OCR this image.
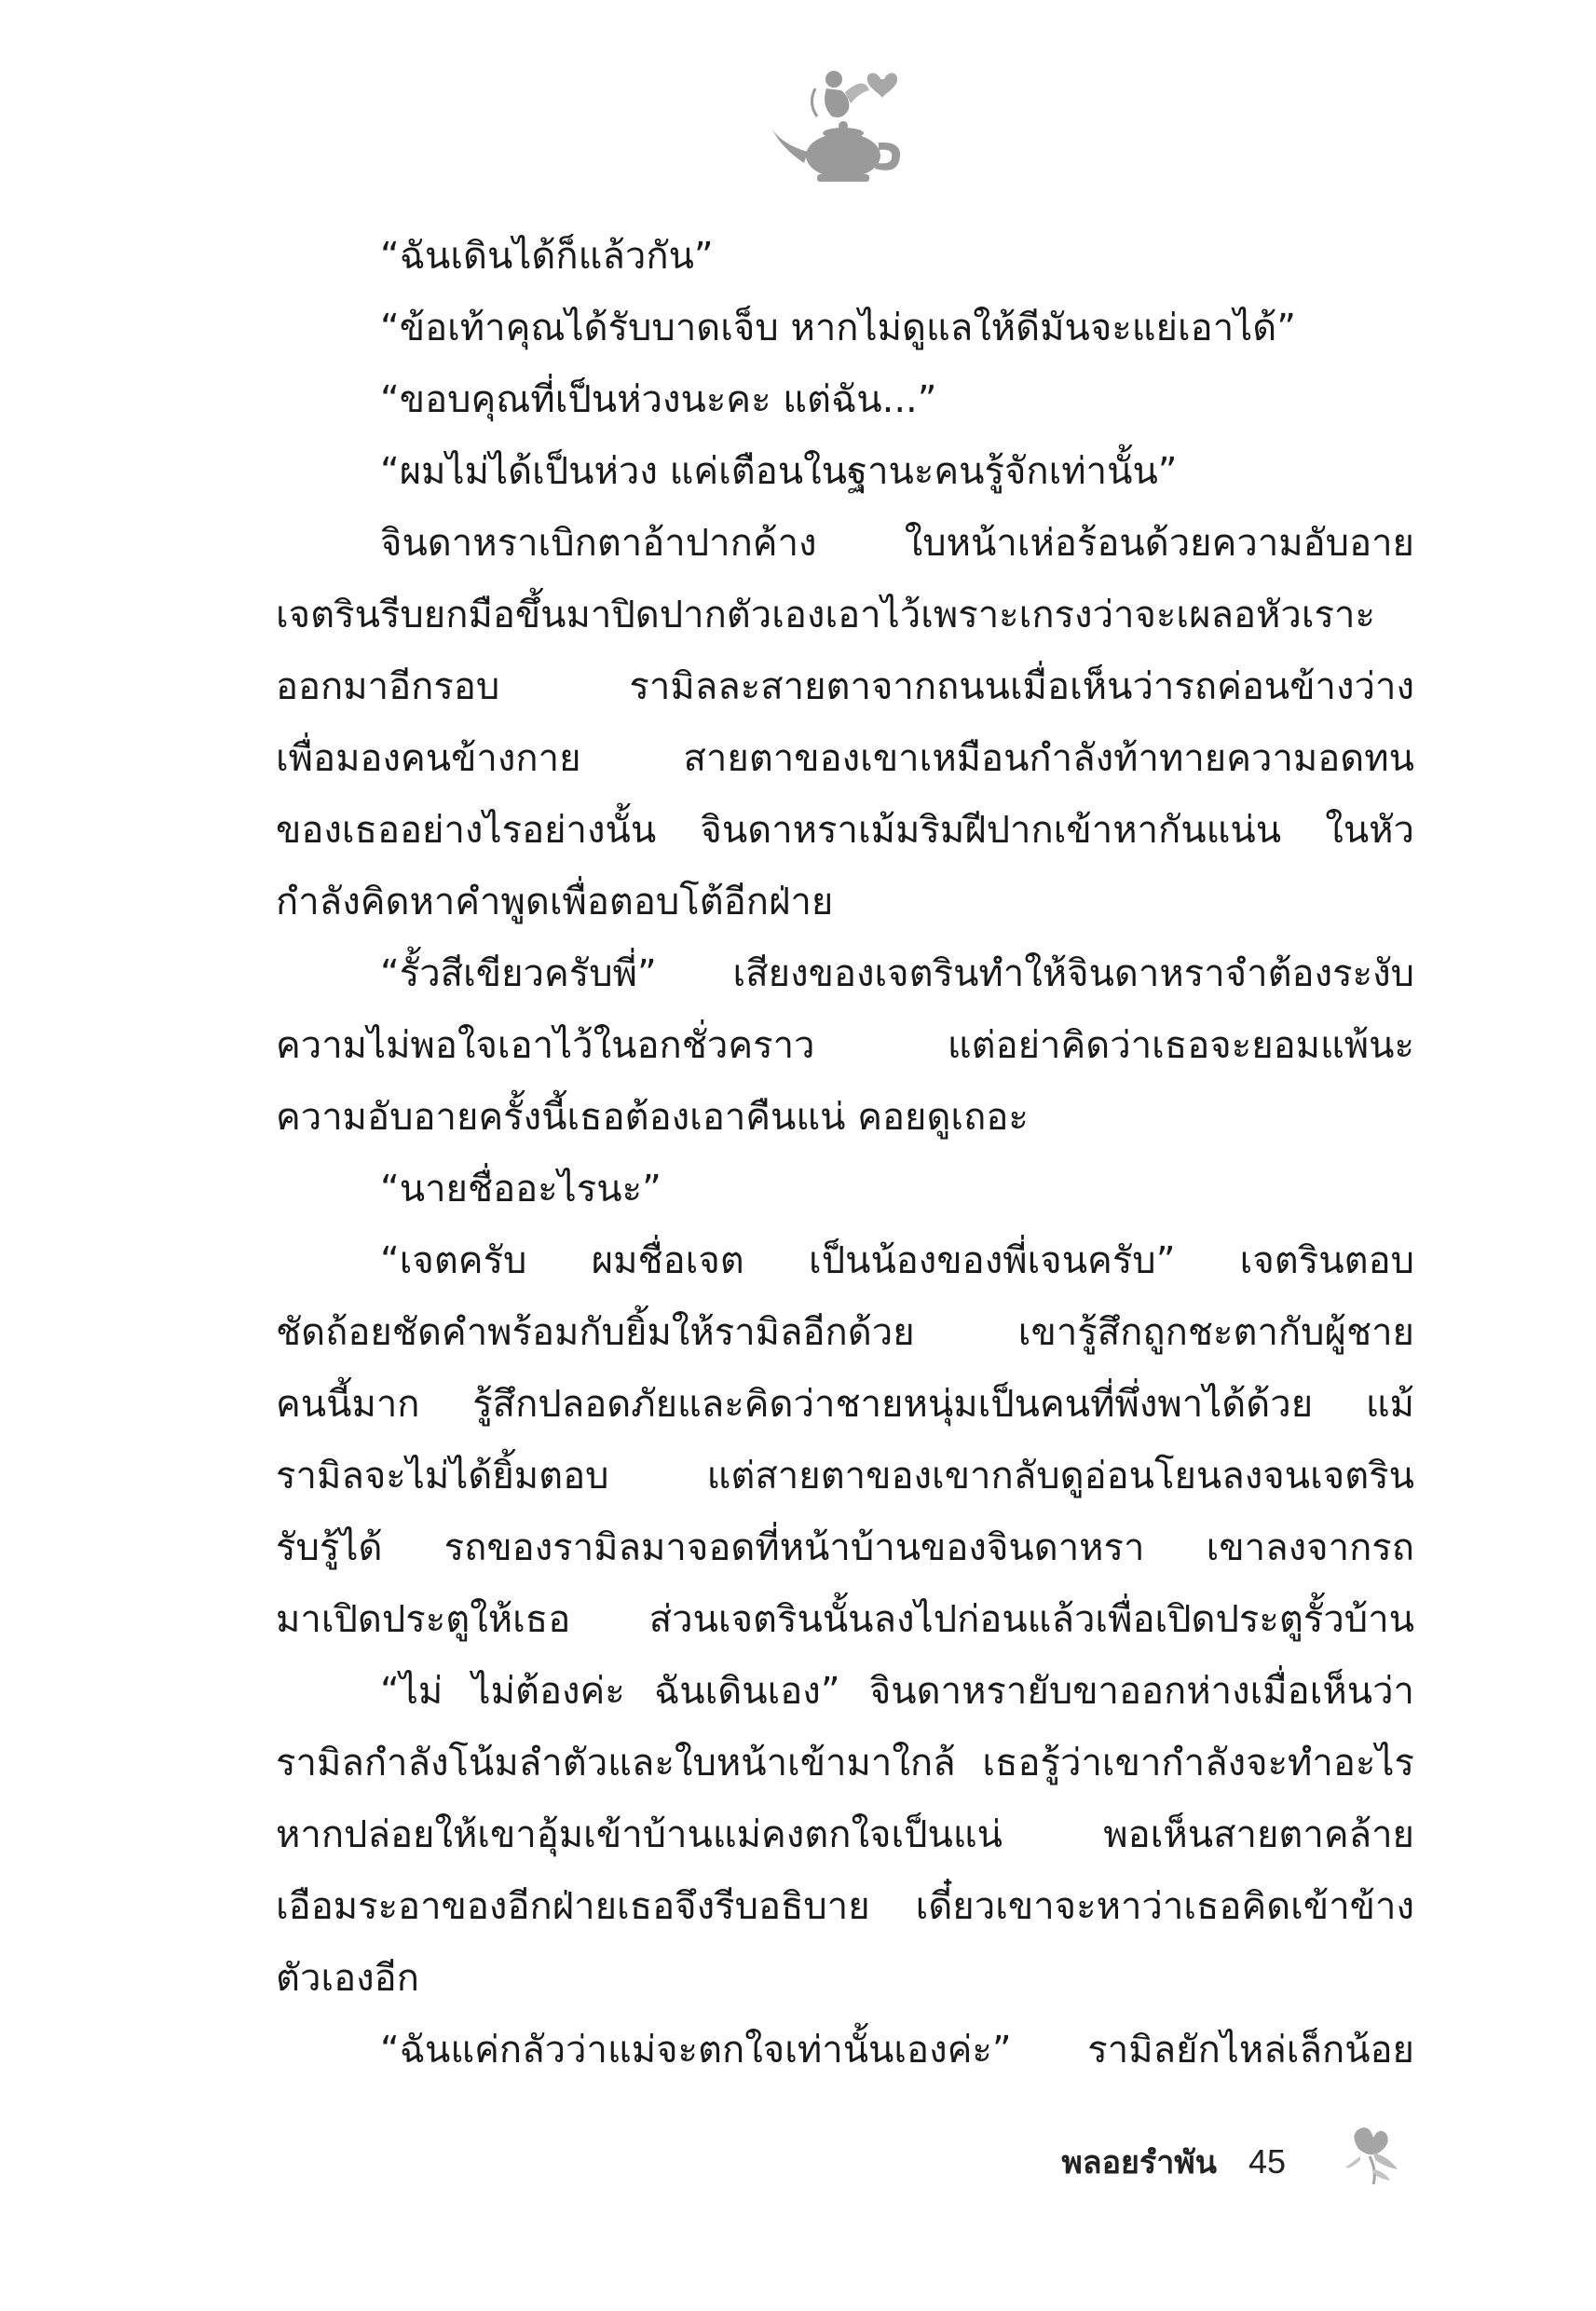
“ฉันเดินได้ก็แล้วกัน”
“ข้อเท้าคุณได้รับบาดเจ็บ หากไม่ดูแลให้ดีมันจะแย่เอาได้”
“ขอบคุณที่เป็นห่วงนะคะ แต่ฉัน...”
“ผมไม่ได้เป็นห่วง แค่เตือนในฐานะคนรู้จักเท่านั้น”
จินดาหราเบิกตาอ้าปากค้าง ใบหน้าเห่อร้อนด้วยความอับอาย
เจตรินรีบยกมือขึ้นมาปิดปากตัวเองเอาไว้เพราะเกรงว่าจะเผลอหัวเราะ
ออกมาอีกรอบ รามิลละสายตาจากถนนเมื่อเห็นว่ารถค่อนข้างว่าง
เพื่อมองคนข้างกาย สายตาของเขาเหมือนกำลังท้าทายความอดทน
ของเธออย่างไรอย่างนั้น จินดาหราเม้มริมฝีปากเข้าหากันแน่น ในหัว
กำลังคิดหาคำพูดเพื่อตอบโต้อีกฝ่าย
“รั้วสีเขียวครับพี่” เสียงของเจตรินทำให้จินดาหราจำต้องระงับ
ความไม่พอใจเอาไว้ในอกชั่วคราว แต่อย่าคิดว่าเธอจะยอมแพ้นะ
ความอับอายครั้งนี้เธอต้องเอาคืนแน่ คอยดูเถอะ
“นายชื่ออะไรนะ”
“เจตครับ ผมชื่อเจต เป็นน้องของพี่เจนครับ” เจตรินตอบ
ชัดถ้อยชัดคำพร้อมกับยิ้มให้รามิลอีกด้วย เขารู้สึกถูกชะตากับผู้ชาย
คนนี้มาก รู้สึกปลอดภัยและคิดว่าชายหนุ่มเป็นคนที่พึ่งพาได้ด้วย แม้
รามิลจะไม่ได้ยิ้มตอบ แต่สายตาของเขากลับดูอ่อนโยนลงจนเจตริน
รับรู้ได้ รถของรามิลมาจอดที่หน้าบ้านของจินดาหรา เขาลงจากรถ
มาเปิดประตูให้เธอ ส่วนเจตรินนั้นลงไปก่อนแล้วเพื่อเปิดประตูรั้วบ้าน
“ไม่ ไม่ต้องค่ะ ฉันเดินเอง” จินดาหรายับขาออกห่างเมื่อเห็นว่า
รามิลกำลังโน้มลำตัวและใบหน้าเข้ามาใกล้ เธอรู้ว่าเขากำลังจะทำอะไร
หากปล่อยให้เขาอุ้มเข้าบ้านแม่คงตกใจเป็นแน่ พอเห็นสายตาคล้าย
เอือมระอาของอีกฝ่ายเธอจึงรีบอธิบาย เดี๋ยวเขาจะหาว่าเธอคิดเข้าข้าง
ตัวเองอีก
“ฉันแค่กลัวว่าแม่จะตกใจเท่านั้นเองค่ะ” รามิลยักไหล่เล็กน้อย
พลอยรำพัน 45
